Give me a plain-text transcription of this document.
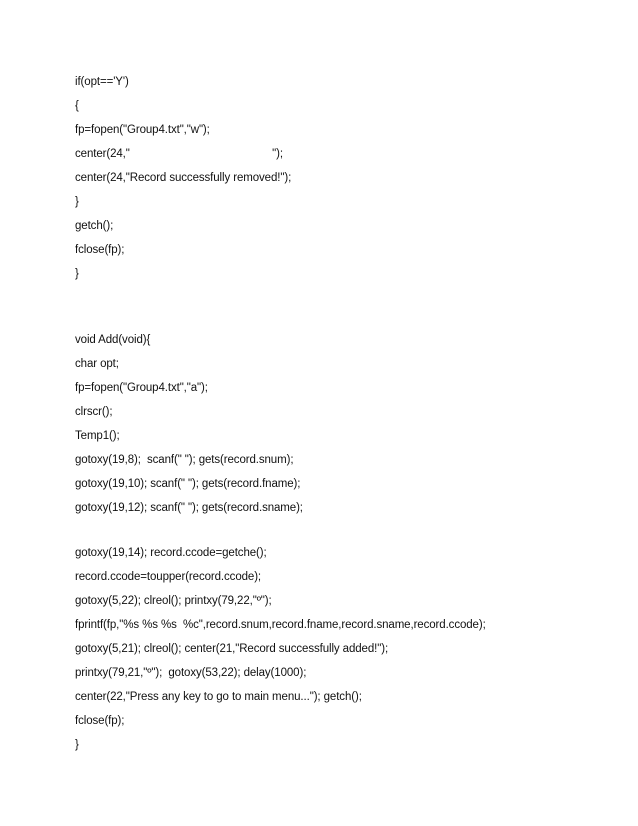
if(opt=='Y')
{
fp=fopen("Group4.txt","w");
center(24,"                                              ");
center(24,"Record successfully removed!");
}
getch();
fclose(fp);
}
void Add(void){
char opt;
fp=fopen("Group4.txt","a");
clrscr();
Temp1();
gotoxy(19,8);  scanf(" "); gets(record.snum);
gotoxy(19,10); scanf(" "); gets(record.fname);
gotoxy(19,12); scanf(" "); gets(record.sname);
gotoxy(19,14); record.ccode=getche();
record.ccode=toupper(record.ccode);
gotoxy(5,22); clreol(); printxy(79,22,"º");
fprintf(fp,"%s %s %s  %c",record.snum,record.fname,record.sname,record.ccode);
gotoxy(5,21); clreol(); center(21,"Record successfully added!");
printxy(79,21,"º");  gotoxy(53,22); delay(1000);
center(22,"Press any key to go to main menu..."); getch();
fclose(fp);
}
